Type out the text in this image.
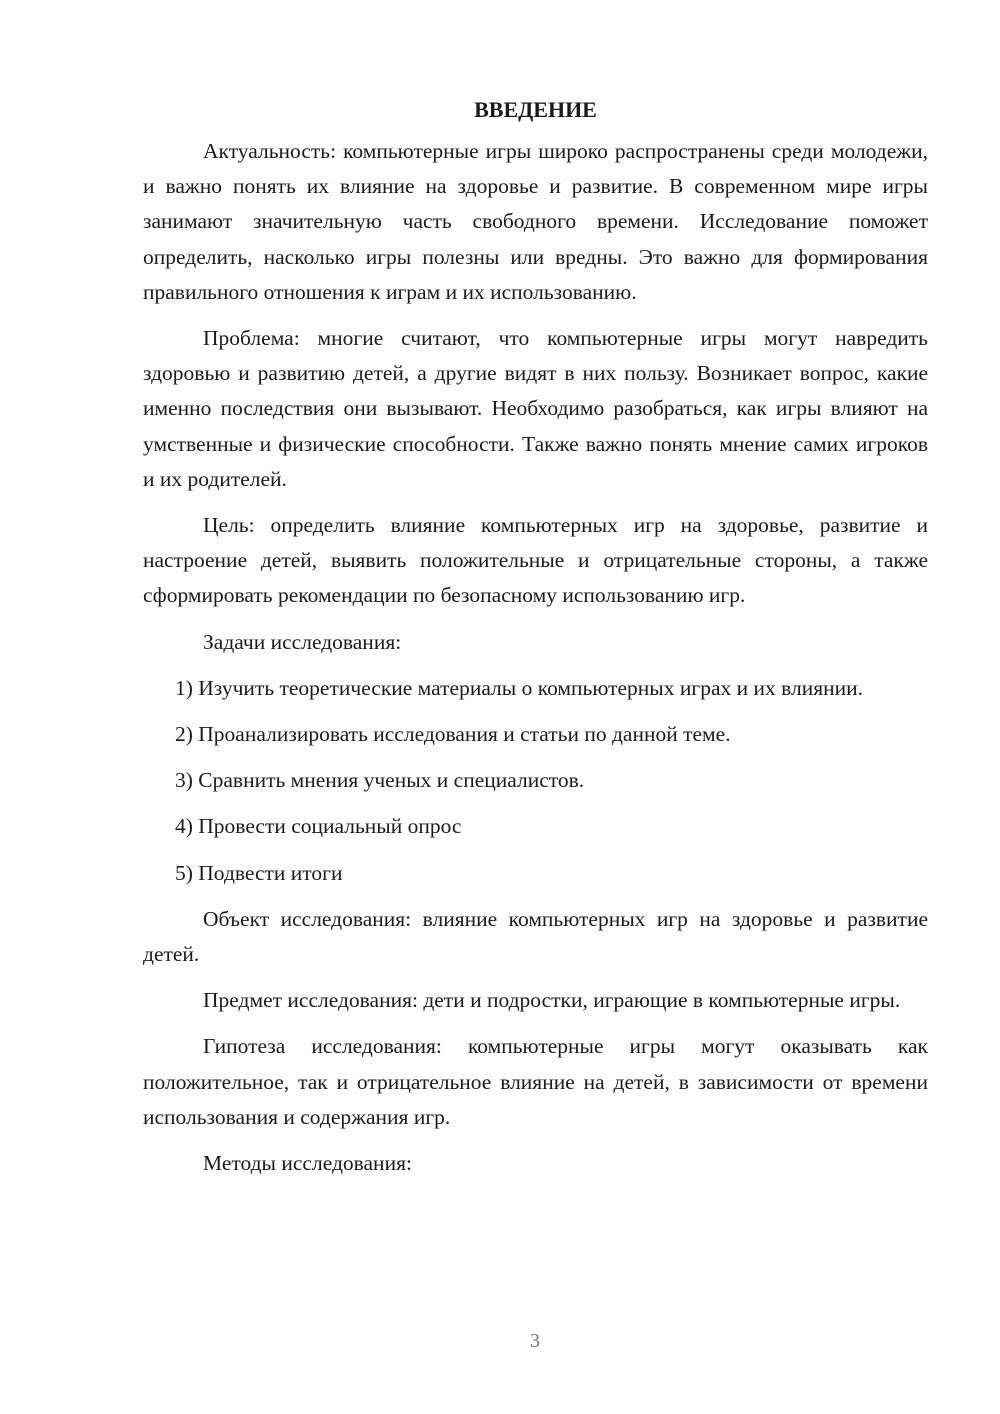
ВВЕДЕНИЕ

Актуальность: компьютерные игры широко распространены среди молодежи, и важно понять их влияние на здоровье и развитие. В современном мире игры занимают значительную часть свободного времени. Исследование поможет определить, насколько игры полезны или вредны. Это важно для формирования правильного отношения к играм и их использованию.

Проблема: многие считают, что компьютерные игры могут навредить здоровью и развитию детей, а другие видят в них пользу. Возникает вопрос, какие именно последствия они вызывают. Необходимо разобраться, как игры влияют на умственные и физические способности. Также важно понять мнение самих игроков и их родителей.

Цель: определить влияние компьютерных игр на здоровье, развитие и настроение детей, выявить положительные и отрицательные стороны, а также сформировать рекомендации по безопасному использованию игр.

Задачи исследования:

1) Изучить теоретические материалы о компьютерных играх и их влиянии.

2) Проанализировать исследования и статьи по данной теме.

3) Сравнить мнения ученых и специалистов.

4) Провести социальный опрос

5) Подвести итоги

Объект исследования: влияние компьютерных игр на здоровье и развитие детей.

Предмет исследования: дети и подростки, играющие в компьютерные игры.

Гипотеза исследования: компьютерные игры могут оказывать как положительное, так и отрицательное влияние на детей, в зависимости от времени использования и содержания игр.

Методы исследования:

3
